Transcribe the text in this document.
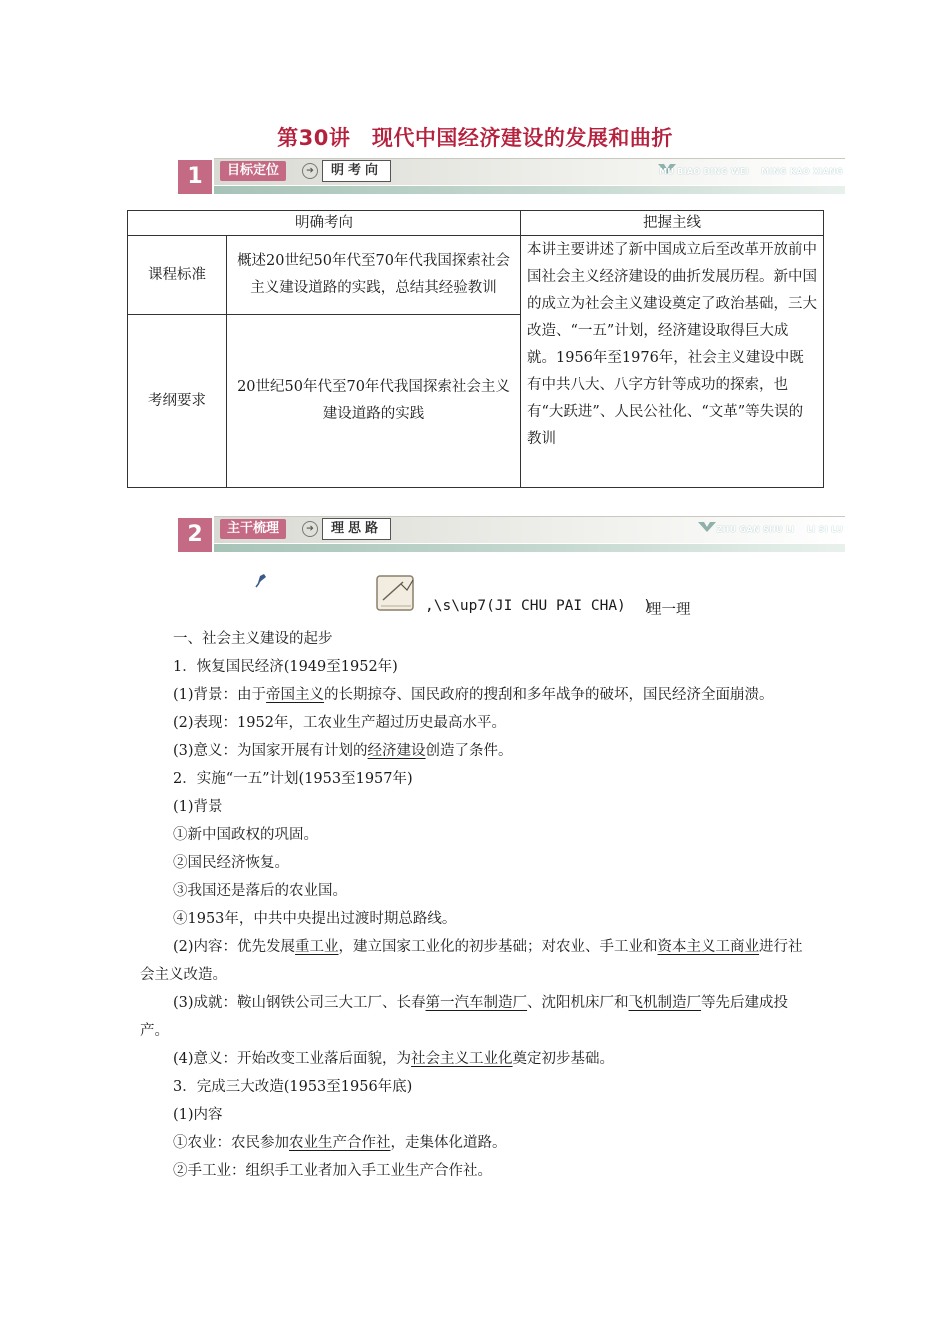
第30讲　现代中国经济建设的发展和曲折
1	目标定位	➔	明考向	MU BIAO DING WEI MING KAO XIANG
明确考向		把握主线
课程标准	概述20世纪50年代至70年代我国探索社会主义建设道路的实践，总结其经验教训	本讲主要讲述了新中国成立后至改革开放前中国社会主义经济建设的曲折发展历程。新中国的成立为社会主义建设奠定了政治基础，三大改造、“一五”计划，经济建设取得巨大成就。1956年至1976年，社会主义建设中既有中共八大、八字方针等成功的探索，也有“大跃进”、人民公社化、“文革”等失误的教训
考纲要求	20世纪50年代至70年代我国探索社会主义建设道路的实践	
2	主干梳理	➔	理思路	ZHU GAN SHU LI LI SI LU
,\s\up7(JI CHU PAI CHA)  )
理一理

一、社会主义建设的起步

1．恢复国民经济(1949至1952年)

(1)背景：由于帝国主义的长期掠夺、国民政府的搜刮和多年战争的破坏，国民经济全面崩溃。

(2)表现：1952年，工农业生产超过历史最高水平。

(3)意义：为国家开展有计划的经济建设创造了条件。

2．实施“一五”计划(1953至1957年)

(1)背景

①新中国政权的巩固。

②国民经济恢复。

③我国还是落后的农业国。

④1953年，中共中央提出过渡时期总路线。

(2)内容：优先发展重工业，建立国家工业化的初步基础；对农业、手工业和资本主义工商业进行社会主义改造。

(3)成就：鞍山钢铁公司三大工厂、长春第一汽车制造厂、沈阳机床厂和飞机制造厂等先后建成投产。

(4)意义：开始改变工业落后面貌，为社会主义工业化奠定初步基础。

3．完成三大改造(1953至1956年底)

(1)内容

①农业：农民参加农业生产合作社，走集体化道路。

②手工业：组织手工业者加入手工业生产合作社。
